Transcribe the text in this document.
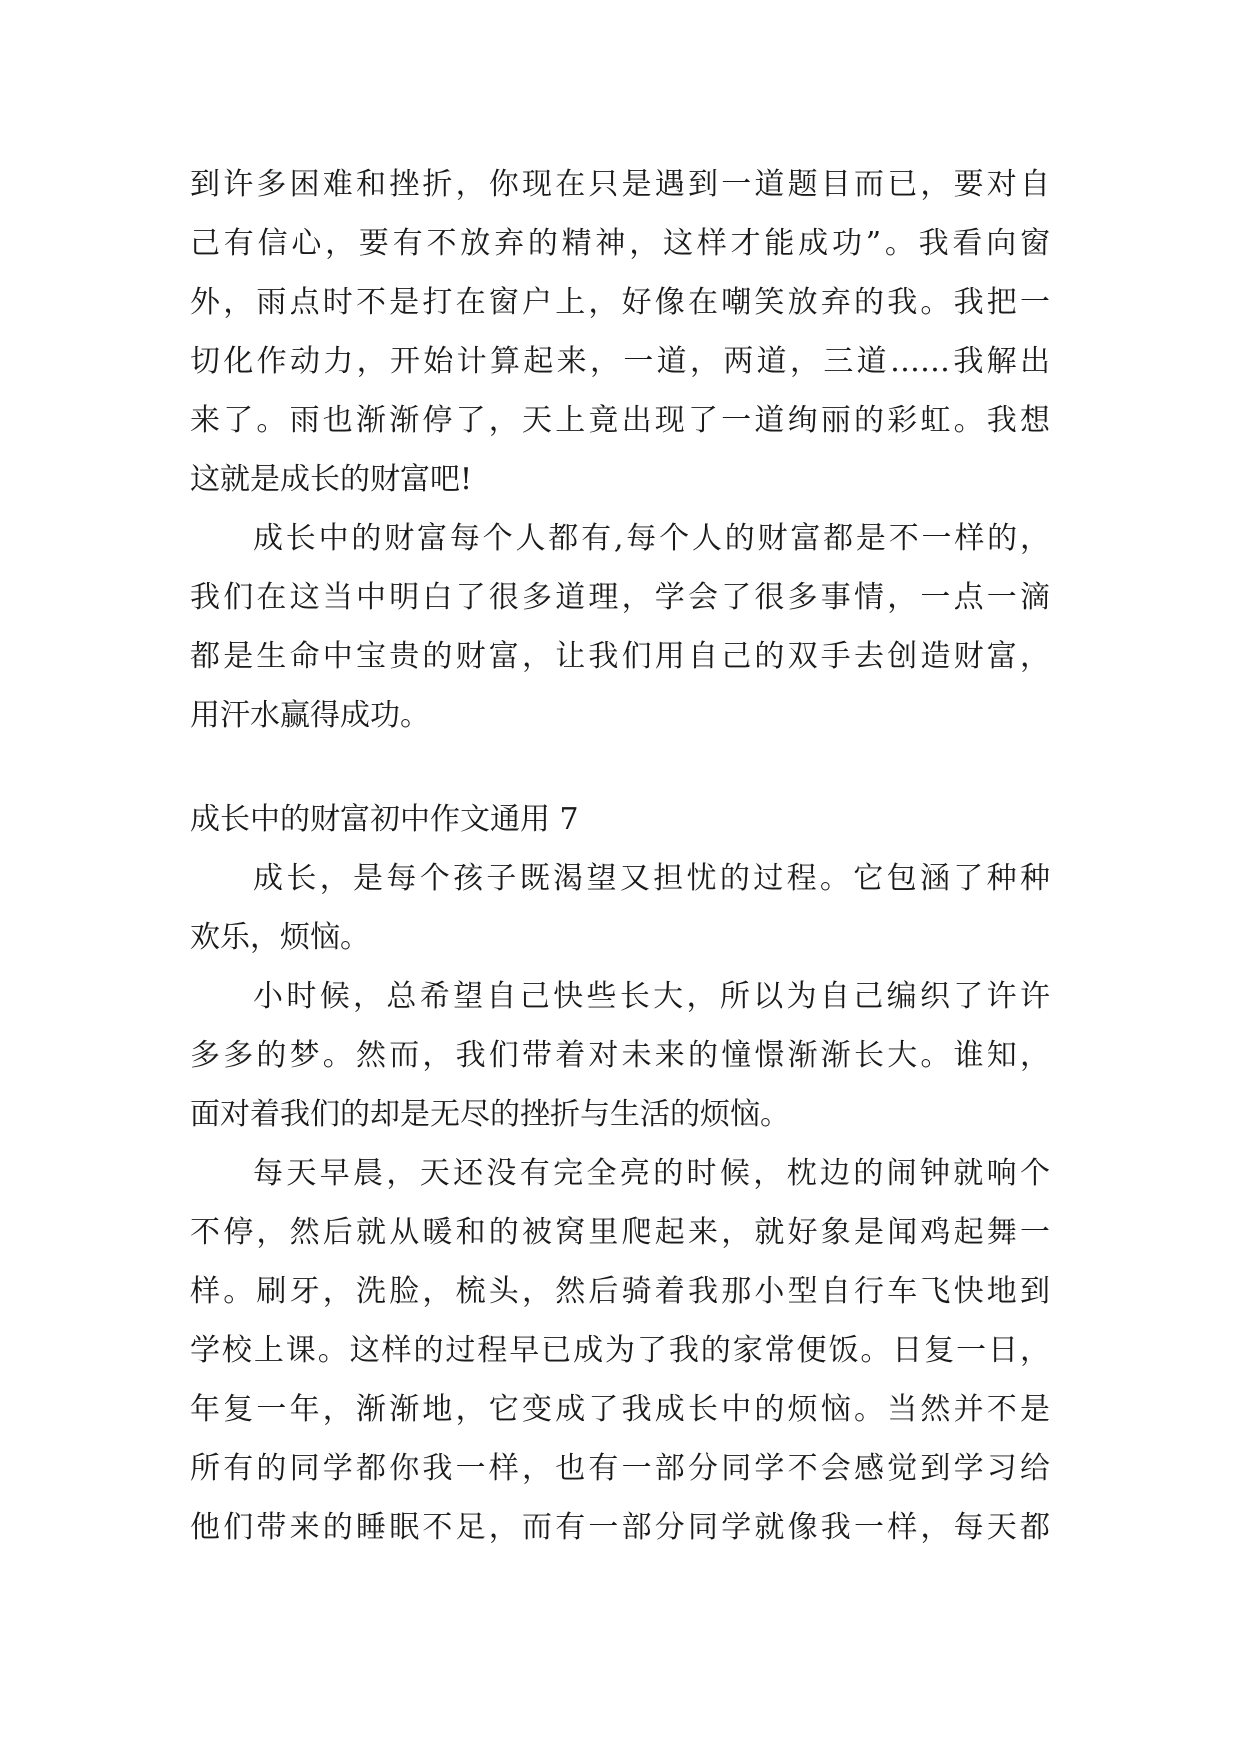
到许多困难和挫折，你现在只是遇到一道题目而已，要对自
己有信心，要有不放弃的精神，这样才能成功”。我看向窗
外，雨点时不是打在窗户上，好像在嘲笑放弃的我。我把一
切化作动力，开始计算起来，一道，两道，三道……我解出
来了。雨也渐渐停了，天上竟出现了一道绚丽的彩虹。我想
这就是成长的财富吧!
成长中的财富每个人都有,每个人的财富都是不一样的，
我们在这当中明白了很多道理，学会了很多事情，一点一滴
都是生命中宝贵的财富，让我们用自己的双手去创造财富，
用汗水赢得成功。
成长中的财富初中作文通用 7
成长，是每个孩子既渴望又担忧的过程。它包涵了种种
欢乐，烦恼。
小时候，总希望自己快些长大，所以为自己编织了许许
多多的梦。然而，我们带着对未来的憧憬渐渐长大。谁知，
面对着我们的却是无尽的挫折与生活的烦恼。
每天早晨，天还没有完全亮的时候，枕边的闹钟就响个
不停，然后就从暖和的被窝里爬起来，就好象是闻鸡起舞一
样。刷牙，洗脸，梳头，然后骑着我那小型自行车飞快地到
学校上课。这样的过程早已成为了我的家常便饭。日复一日，
年复一年，渐渐地，它变成了我成长中的烦恼。当然并不是
所有的同学都你我一样，也有一部分同学不会感觉到学习给
他们带来的睡眠不足，而有一部分同学就像我一样，每天都
